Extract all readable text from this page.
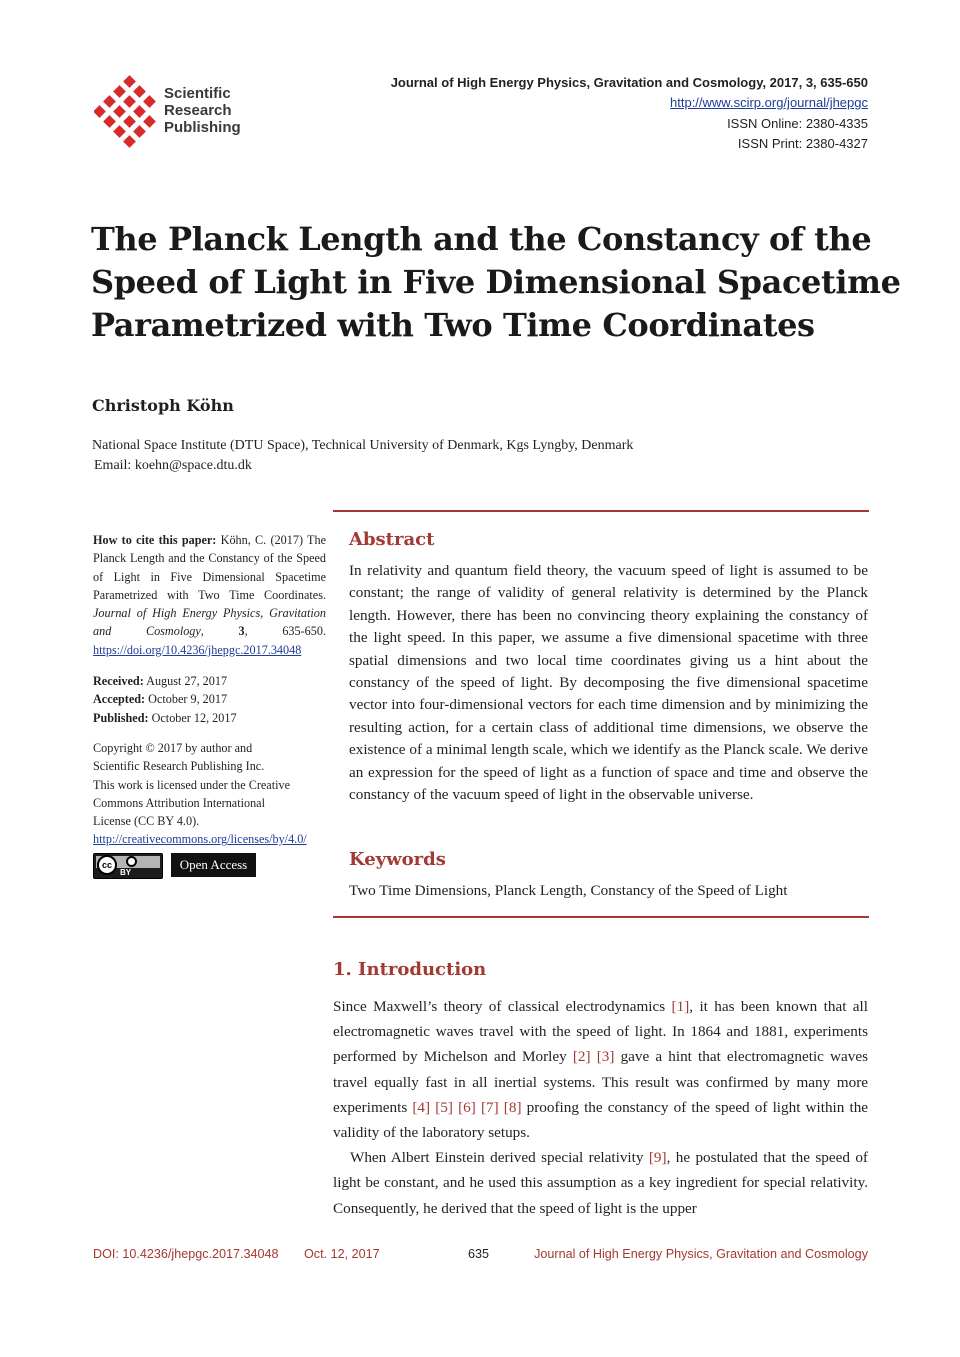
Scientific
Research
Publishing
Journal of High Energy Physics, Gravitation and Cosmology, 2017, 3, 635-650
http://www.scirp.org/journal/jhepgc
ISSN Online: 2380-4335
ISSN Print: 2380-4327
The Planck Length and the Constancy of the
Speed of Light in Five Dimensional Spacetime
Parametrized with Two Time Coordinates
Christoph Köhn
National Space Institute (DTU Space), Technical University of Denmark, Kgs Lyngby, Denmark
Email: koehn@space.dtu.dk
How to cite this paper: Köhn, C. (2017) The Planck Length and the Constancy of the Speed of Light in Five Dimensional Spacetime Parametrized with Two Time Coordinates. Journal of High Energy Physics, Gravitation and Cosmology, 3, 635-650. https://doi.org/10.4236/jhepgc.2017.34048
Received: August 27, 2017
Accepted: October 9, 2017
Published: October 12, 2017
Copyright © 2017 by author and
Scientific Research Publishing Inc.
This work is licensed under the Creative
Commons Attribution International
License (CC BY 4.0).
http://creativecommons.org/licenses/by/4.0/
cc
BY
Open Access
Abstract
In relativity and quantum field theory, the vacuum speed of light is assumed to be constant; the range of validity of general relativity is determined by the Planck length. However, there has been no convincing theory explaining the constancy of the light speed. In this paper, we assume a five dimensional spacetime with three spatial dimensions and two local time coordinates giving us a hint about the constancy of the speed of light. By decomposing the five dimensional spacetime vector into four-dimensional vectors for each time dimension and by minimizing the resulting action, for a certain class of additional time dimensions, we observe the existence of a minimal length scale, which we identify as the Planck scale. We derive an expression for the speed of light as a function of space and time and observe the constancy of the vacuum speed of light in the observable universe.
Keywords
Two Time Dimensions, Planck Length, Constancy of the Speed of Light
1. Introduction

Since Maxwell’s theory of classical electrodynamics [1], it has been known that all electromagnetic waves travel with the speed of light. In 1864 and 1881, experiments performed by Michelson and Morley [2] [3] gave a hint that electromagnetic waves travel equally fast in all inertial systems. This result was confirmed by many more experiments [4] [5] [6] [7] [8] proofing the constancy of the speed of light within the validity of the laboratory setups.

When Albert Einstein derived special relativity [9], he postulated that the speed of light be constant, and he used this assumption as a key ingredient for special relativity. Consequently, he derived that the speed of light is the upper

DOI: 10.4236/jhepgc.2017.34048 Oct. 12, 2017	635	Journal of High Energy Physics, Gravitation and Cosmology
